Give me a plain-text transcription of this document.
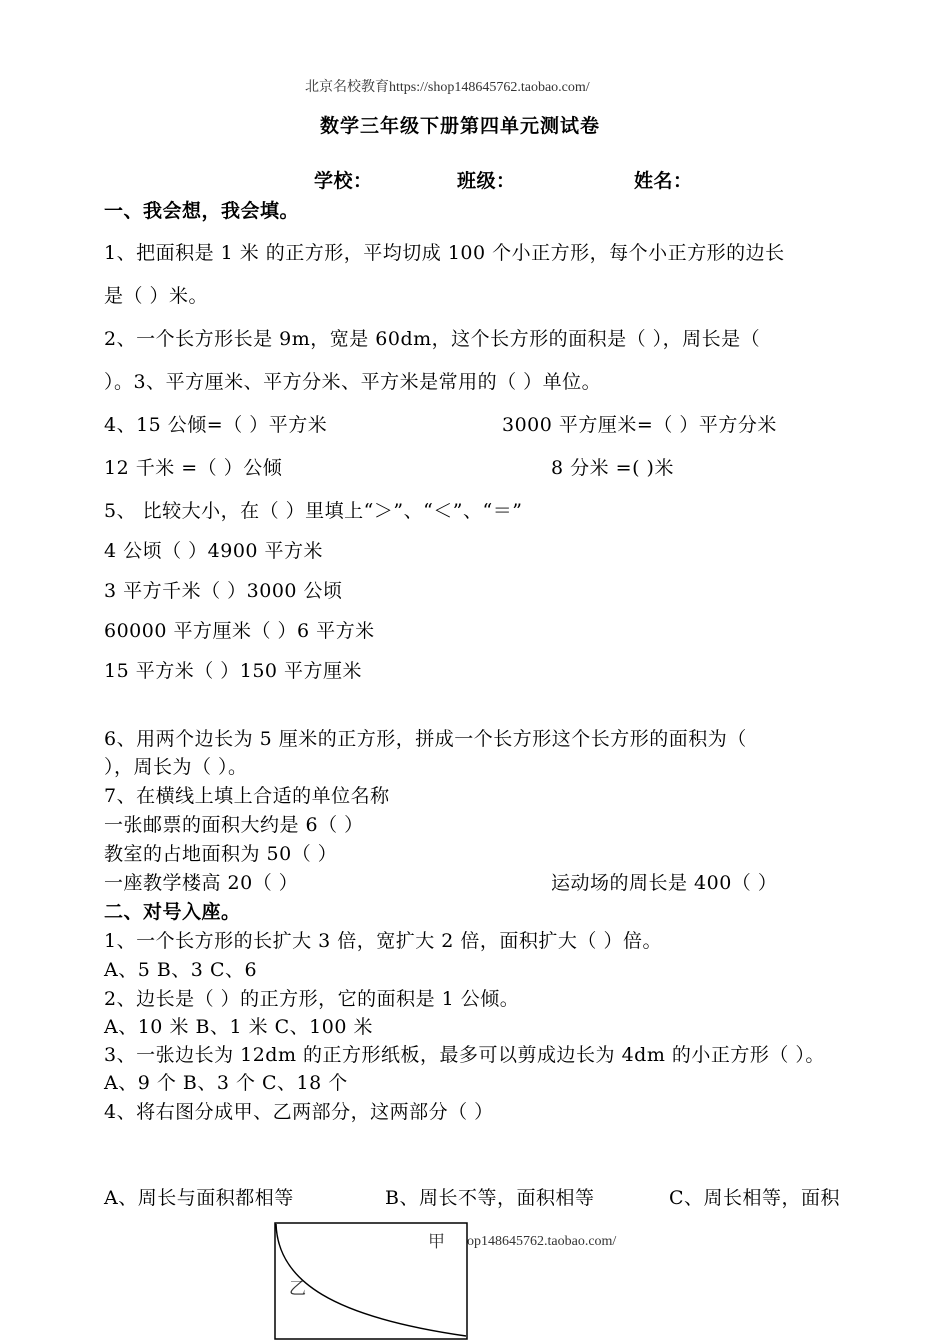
北京名校教育https://shop148645762.taobao.com/
数学三年级下册第四单元测试卷
学校：	班级：	姓名：
一、我会想，我会填。
1、把面积是 1 米 的正方形，平均切成 100 个小正方形，每个小正方形的边长
是（ ）米。
2、一个长方形长是 9m，宽是 60dm，这个长方形的面积是（ ），周长是（
）。3、平方厘米、平方分米、平方米是常用的（ ）单位。
4、15 公倾=（ ）平方米	3000 平方厘米=（ ）平方分米
12 千米 =（ ）公倾	8 分米 =( )米
5、 比较大小，在（ ）里填上“＞”、“＜”、“＝”
4 公顷（ ）4900 平方米
3 平方千米（ ）3000 公顷
60000 平方厘米（ ）6 平方米
15 平方米（ ）150 平方厘米
6、用两个边长为 5 厘米的正方形，拼成一个长方形这个长方形的面积为（
），周长为（ ）。
7、在横线上填上合适的单位名称
一张邮票的面积大约是 6（ ）
教室的占地面积为 50（ ）
一座教学楼高 20（ ）	运动场的周长是 400（ ）
二、对号入座。
1、一个长方形的长扩大 3 倍，宽扩大 2 倍，面积扩大（ ）倍。
A、5 B、3 C、6
2、边长是（ ）的正方形，它的面积是 1 公倾。
A、10 米 B、1 米 C、100 米
3、一张边长为 12dm 的正方形纸板，最多可以剪成边长为 4dm 的小正方形（ ）。
A、9 个 B、3 个 C、18 个
4、将右图分成甲、乙两部分，这两部分（ ）
A、周长与面积都相等	B、周长不等，面积相等	C、周长相等，面积
op148645762.taobao.com/
甲
乙
